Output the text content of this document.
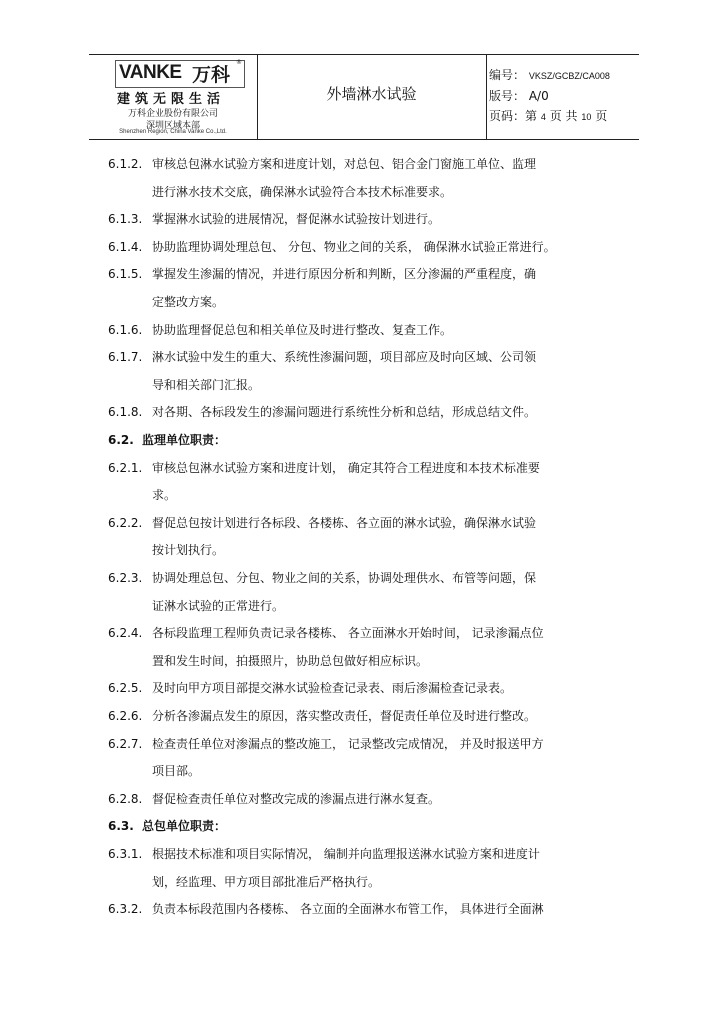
VANKE 万科
®
建筑无限生活
万科企业股份有限公司
深圳区域本部
Shenzhen Region, China Vanke Co.,Ltd.
外墙淋水试验
编号： VKSZ/GCBZ/CA008
版号： A/0
页码：第 4 页 共 10 页
6.1.2. 审核总包淋水试验方案和进度计划，对总包、铝合金门窗施工单位、监理
进行淋水技术交底，确保淋水试验符合本技术标准要求。
6.1.3. 掌握淋水试验的进展情况，督促淋水试验按计划进行。
6.1.4. 协助监理协调处理总包、 分包、物业之间的关系， 确保淋水试验正常进行。
6.1.5. 掌握发生渗漏的情况，并进行原因分析和判断，区分渗漏的严重程度，确
定整改方案。
6.1.6. 协助监理督促总包和相关单位及时进行整改、复查工作。
6.1.7. 淋水试验中发生的重大、系统性渗漏问题，项目部应及时向区域、公司领
导和相关部门汇报。
6.1.8. 对各期、各标段发生的渗漏问题进行系统性分析和总结，形成总结文件。
6.2. 监理单位职责：
6.2.1. 审核总包淋水试验方案和进度计划， 确定其符合工程进度和本技术标准要
求。
6.2.2. 督促总包按计划进行各标段、各楼栋、各立面的淋水试验，确保淋水试验
按计划执行。
6.2.3. 协调处理总包、分包、物业之间的关系，协调处理供水、布管等问题，保
证淋水试验的正常进行。
6.2.4. 各标段监理工程师负责记录各楼栋、 各立面淋水开始时间， 记录渗漏点位
置和发生时间，拍摄照片，协助总包做好相应标识。
6.2.5. 及时向甲方项目部提交淋水试验检查记录表、雨后渗漏检查记录表。
6.2.6. 分析各渗漏点发生的原因，落实整改责任，督促责任单位及时进行整改。
6.2.7. 检查责任单位对渗漏点的整改施工， 记录整改完成情况， 并及时报送甲方
项目部。
6.2.8. 督促检查责任单位对整改完成的渗漏点进行淋水复查。
6.3. 总包单位职责：
6.3.1. 根据技术标准和项目实际情况， 编制并向监理报送淋水试验方案和进度计
划，经监理、甲方项目部批准后严格执行。
6.3.2. 负责本标段范围内各楼栋、 各立面的全面淋水布管工作， 具体进行全面淋
